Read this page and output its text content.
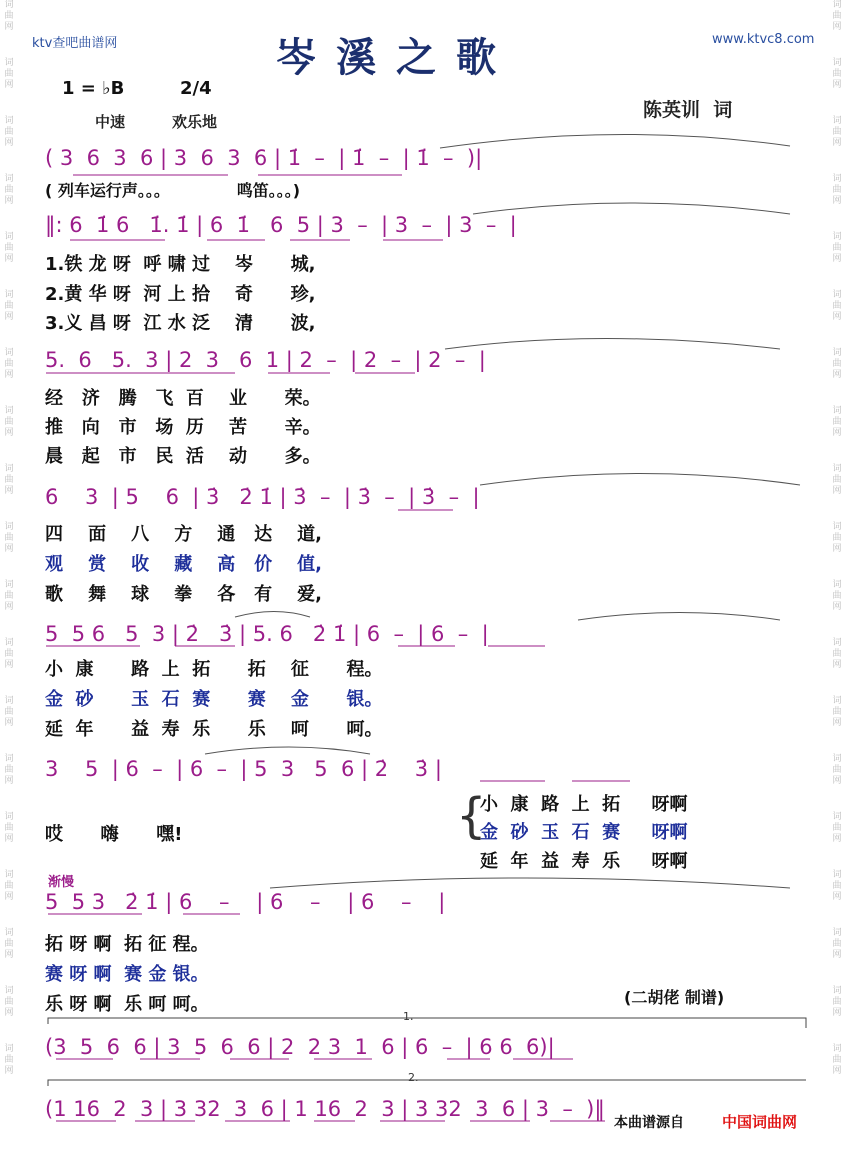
词
曲
网
词
曲
网
词
曲
网
词
曲
网
词
曲
网
词
曲
网
词
曲
网
词
曲
网
词
曲
网
词
曲
网
词
曲
网
词
曲
网
词
曲
网
词
曲
网
词
曲
网
词
曲
网
词
曲
网
词
曲
网
词
曲
网
词
曲
网
词
曲
网
词
曲
网
词
曲
网
词
曲
网
词
曲
网
词
曲
网
词
曲
网
词
曲
网
词
曲
网
词
曲
网
词
曲
网
词
曲
网
词
曲
网
词
曲
网
词
曲
网
词
曲
网
词
曲
网
词
曲
网
ktv查吧曲谱网	www.ktvc8.com
岑溪之歌
1 = ♭B	2/4
中速	欢乐地
陈英训  词
( 3  6  3  6 | 3  6  3  6 | 1̇  –  | 1̇  –  | 1̇  –  )|
( 列车运行声。。。            鸣笛。。。)
‖: 6  1̇ 6   1̇. 1̇ | 6  1̇   6  5 | 3  –  | 3  –  | 3  –  |
1.铁 龙 呀  呼 啸 过    岑      城,
2.黄 华 呀  河 上 拾    奇      珍,
3.义 昌 呀  江 水 泛    清      波,
5.  6   5.  3 | 2  3   6  1 | 2  –  | 2  –  | 2  –  |
经   济   腾   飞  百    业      荣。
推   向   市   场  历    苦      辛。
晨   起   市   民  活    动      多。
6    3  | 5    6  | 3̇   2̇ 1̇ | 3̇  –  | 3̇  –  | 3̇  –  |
四    面    八    方    通   达    道,
观    赏    收    藏    高   价    值,
歌    舞    球    拳    各   有    爱,
5  5 6   5  3 | 2̇   3̇ | 5. 6   2̇ 1̇ | 6  –  | 6  –  |
小  康      路  上  拓      拓    征      程。
金  砂      玉  石  赛      赛    金      银。
延  年      益  寿  乐      乐    呵      呵。
3    5  | 6  –  | 6  –  | 5  3   5  6 | 2̇    3̇ |
哎      嗨      嘿!	{
小  康  路  上  拓     呀啊
金  砂  玉  石  赛     呀啊
延  年  益  寿  乐     呀啊
渐慢
5  5 3   2̇ 1̇ | 6    –    | 6    –    | 6    –    |
拓 呀 啊  拓 征 程。
赛 呀 啊  赛 金 银。
乐 呀 啊  乐 呵 呵。	(二胡佬 制谱)
1.
(3  5  6  6 | 3  5  6  6 | 2  2 3  1  6 | 6  –  | 6 6  6)|
2.
(1 16  2  3 | 3 32  3  6 | 1 16  2  3 | 3 32  3  6 | 3  –  )‖
本曲谱源自	中国词曲网
